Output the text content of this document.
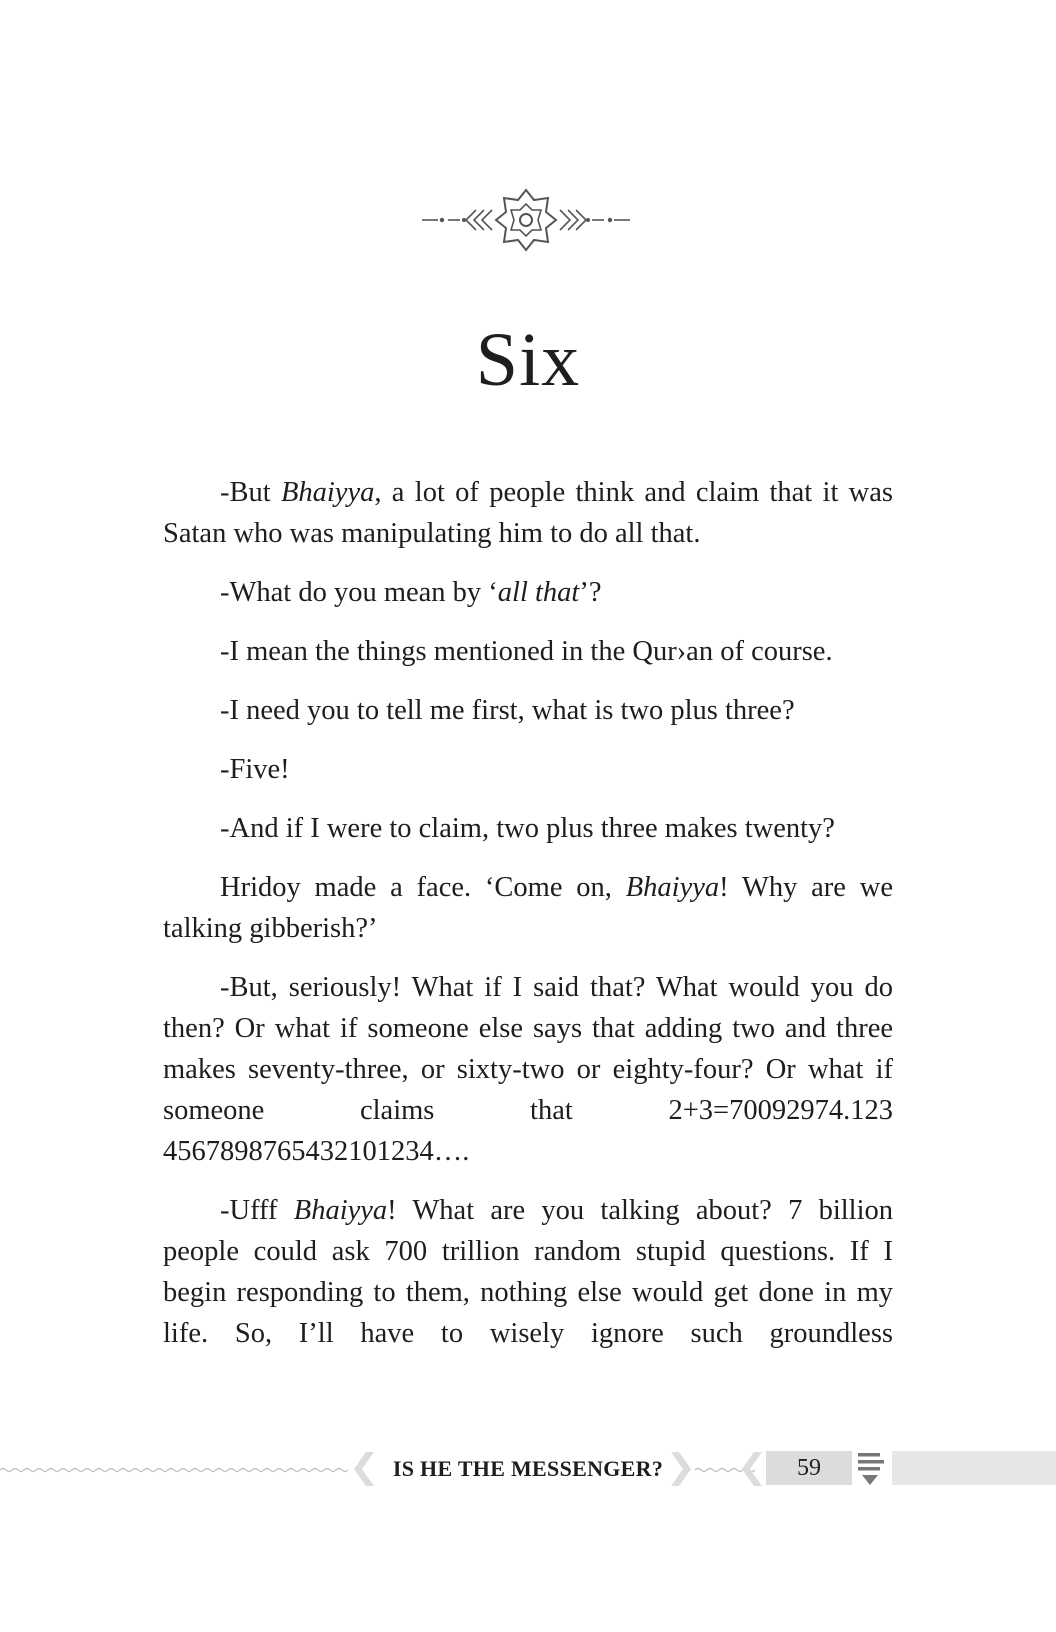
Six

-But Bhaiyya, a lot of people think and claim that it was Satan who was manipulating him to do all that.

-What do you mean by ‘all that’?

-I mean the things mentioned in the Qur›an of course.

-I need you to tell me first, what is two plus three?

-Five!

-And if I were to claim, two plus three makes twenty?

Hridoy made a face. ‘Come on, Bhaiyya! Why are we talking gibberish?’

-But, seriously! What if I said that? What would you do then? Or what if someone else says that adding two and three makes seventy-three, or sixty-two or eighty-four? Or what if someone claims that 2+3=70092974.123 4567898765432101234….

-Ufff Bhaiyya! What are you talking about? 7 billion people could ask 700 trillion random stupid questions. If I begin responding to them, nothing else would get done in my life. So, I’ll have to wisely ignore such groundless

IS HE THE MESSENGER?	59
